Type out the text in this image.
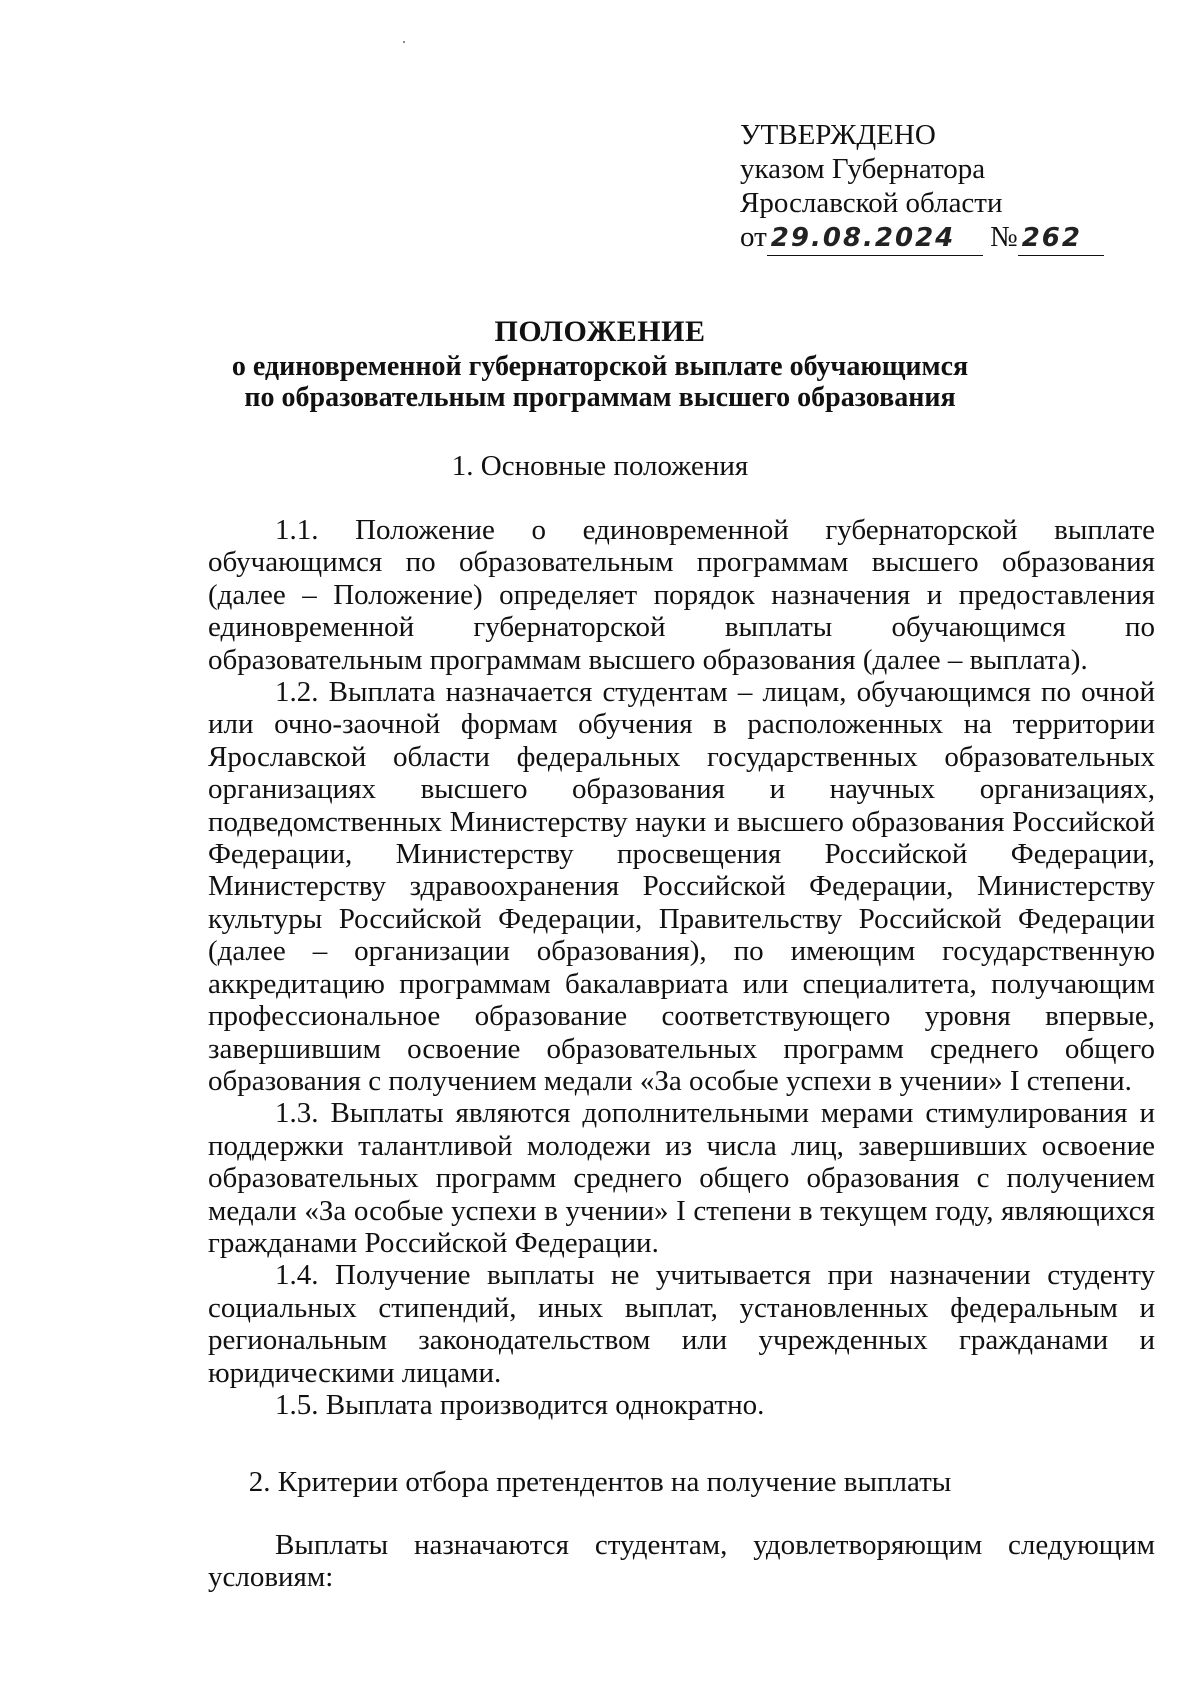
УТВЕРЖДЕНО
указом Губернатора
Ярославской области
от 29.08.2024 № 262
ПОЛОЖЕНИЕ
о единовременной губернаторской выплате обучающимся
по образовательным программам высшего образования
1. Основные положения

1.1. Положение о единовременной губернаторской выплате обучающимся по образовательным программам высшего образования (далее – Положение) определяет порядок назначения и предоставления единовременной губернаторской выплаты обучающимся по образовательным программам высшего образования (далее – выплата).

1.2. Выплата назначается студентам – лицам, обучающимся по очной или очно-заочной формам обучения в расположенных на территории Ярославской области федеральных государственных образовательных организациях высшего образования и научных организациях, подведомственных Министерству науки и высшего образования Российской Федерации, Министерству просвещения Российской Федерации, Министерству здравоохранения Российской Федерации, Министерству культуры Российской Федерации, Правительству Российской Федерации (далее – организации образования), по имеющим государственную аккредитацию программам бакалавриата или специалитета, получающим профессиональное образование соответствующего уровня впервые, завершившим освоение образовательных программ среднего общего образования с получением медали «За особые успехи в учении» I степени.

1.3. Выплаты являются дополнительными мерами стимулирования и поддержки талантливой молодежи из числа лиц, завершивших освоение образовательных программ среднего общего образования с получением медали «За особые успехи в учении» I степени в текущем году, являющихся гражданами Российской Федерации.

1.4. Получение выплаты не учитывается при назначении студенту социальных стипендий, иных выплат, установленных федеральным и региональным законодательством или учрежденных гражданами и юридическими лицами.

1.5. Выплата производится однократно.

2. Критерии отбора претендентов на получение выплаты

Выплаты назначаются студентам, удовлетворяющим следующим условиям:
